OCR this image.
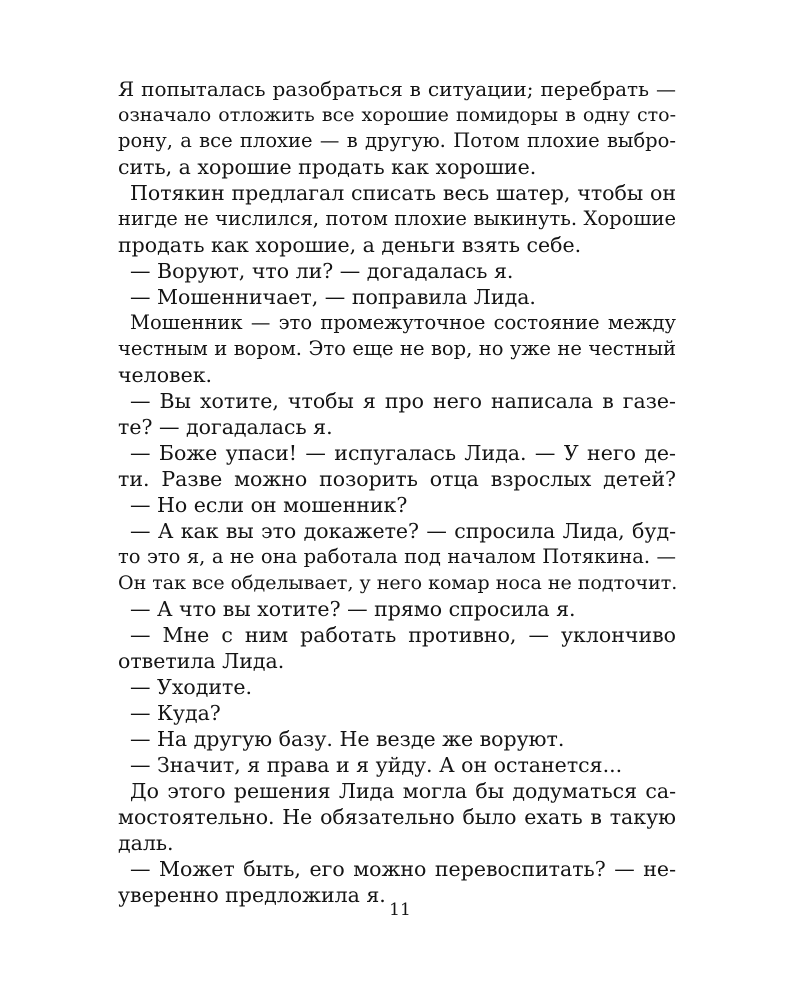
Я попыталась разобраться в ситуации; перебрать —
означало отложить все хорошие помидоры в одну сто-
рону, а все плохие — в другую. Потом плохие выбро-
сить, а хорошие продать как хорошие.
Потякин предлагал списать весь шатер, чтобы он
нигде не числился, потом плохие выкинуть. Хорошие
продать как хорошие, а деньги взять себе.
— Воруют, что ли? — догадалась я.
— Мошенничает, — поправила Лида.
Мошенник — это промежуточное состояние между
честным и вором. Это еще не вор, но уже не честный
человек.
— Вы хотите, чтобы я про него написала в газе-
те? — догадалась я.
— Боже упаси! — испугалась Лида. — У него де-
ти. Разве можно позорить отца взрослых детей?
— Но если он мошенник?
— А как вы это докажете? — спросила Лида, буд-
то это я, а не она работала под началом Потякина. —
Он так все обделывает, у него комар носа не подточит.
— А что вы хотите? — прямо спросила я.
— Мне с ним работать противно, — уклончиво
ответила Лида.
— Уходите.
— Куда?
— На другую базу. Не везде же воруют.
— Значит, я права и я уйду. А он останется...
До этого решения Лида могла бы додуматься са-
мостоятельно. Не обязательно было ехать в такую
даль.
— Может быть, его можно перевоспитать? — не-
уверенно предложила я.
11
